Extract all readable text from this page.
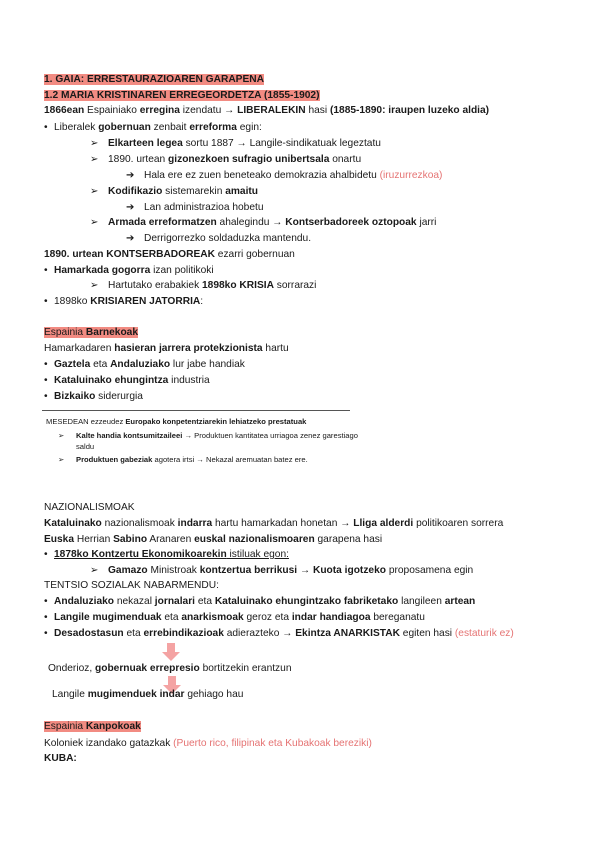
1. GAIA: ERRESTAURAZIOAREN GARAPENA
1.2 MARIA KRISTINAREN ERREGEORDETZA (1855-1902)
1866ean Espainiako erregina izendatu → LIBERALEKIN hasi (1885-1890: iraupen luzeko aldia)
• Liberalek gobernuan zenbait erreforma egin:
➢ Elkarteen legea sortu 1887 → Langile-sindikatuak legeztatu
➢ 1890. urtean gizonezkoen sufragio unibertsala onartu
➔ Hala ere ez zuen beneteako demokrazia ahalbidetu (iruzurrezkoa)
➢ Kodifikazio sistemarekin amaitu
➔ Lan administrazioa hobetu
➢ Armada erreformatzen ahalegindu → Kontserbadoreek oztopoak jarri
➔ Derrigorrezko soldaduzka mantendu.
1890. urtean KONTSERBADOREAK ezarri gobernuan
• Hamarkada gogorra izan politikoki
➢ Hartutako erabakiek 1898ko KRISIA sorrarazi
• 1898ko KRISIAREN JATORRIA:
Espainia Barnekoak
Hamarkadaren hasieran jarrera protekzionista hartu
• Gaztela eta Andaluziako lur jabe handiak
• Kataluinako ehungintza industria
• Bizkaiko siderurgia
MESEDEAN ezzeudez Europako konpetentziarekin lehiatzeko prestatuak
➢ Kalte handia kontsumitzaileei → Produktuen kantitatea urriagoa zenez garestiago
saldu
➢ Produktuen gabeziak agotera irtsi → Nekazal aremuatan batez ere.
NAZIONALISMOAK
Kataluinako nazionalismoak indarra hartu hamarkadan honetan → Lliga alderdi politikoaren sorrera
Euska Herrian Sabino Aranaren euskal nazionalismoaren garapena hasi
• 1878ko Kontzertu Ekonomikoarekin istiluak egon:
➢ Gamazo Ministroak kontzertua berrikusi → Kuota igotzeko proposamena egin
TENTSIO SOZIALAK NABARMENDU:
• Andaluziako nekazal jornalari eta Kataluinako ehungintzako fabriketako langileen artean
• Langile mugimenduak eta anarkismoak geroz eta indar handiagoa bereganatu
• Desadostasun eta errebindikazioak adierazteko → Ekintza ANARKISTAK egiten hasi (estaturik ez)
Onderioz, gobernuak errepresio bortitzekin erantzun
Langile mugimenduek indar gehiago hau
Espainia Kanpokoak
Koloniek izandako gatazkak (Puerto rico, filipinak eta Kubakoak bereziki)
KUBA:
